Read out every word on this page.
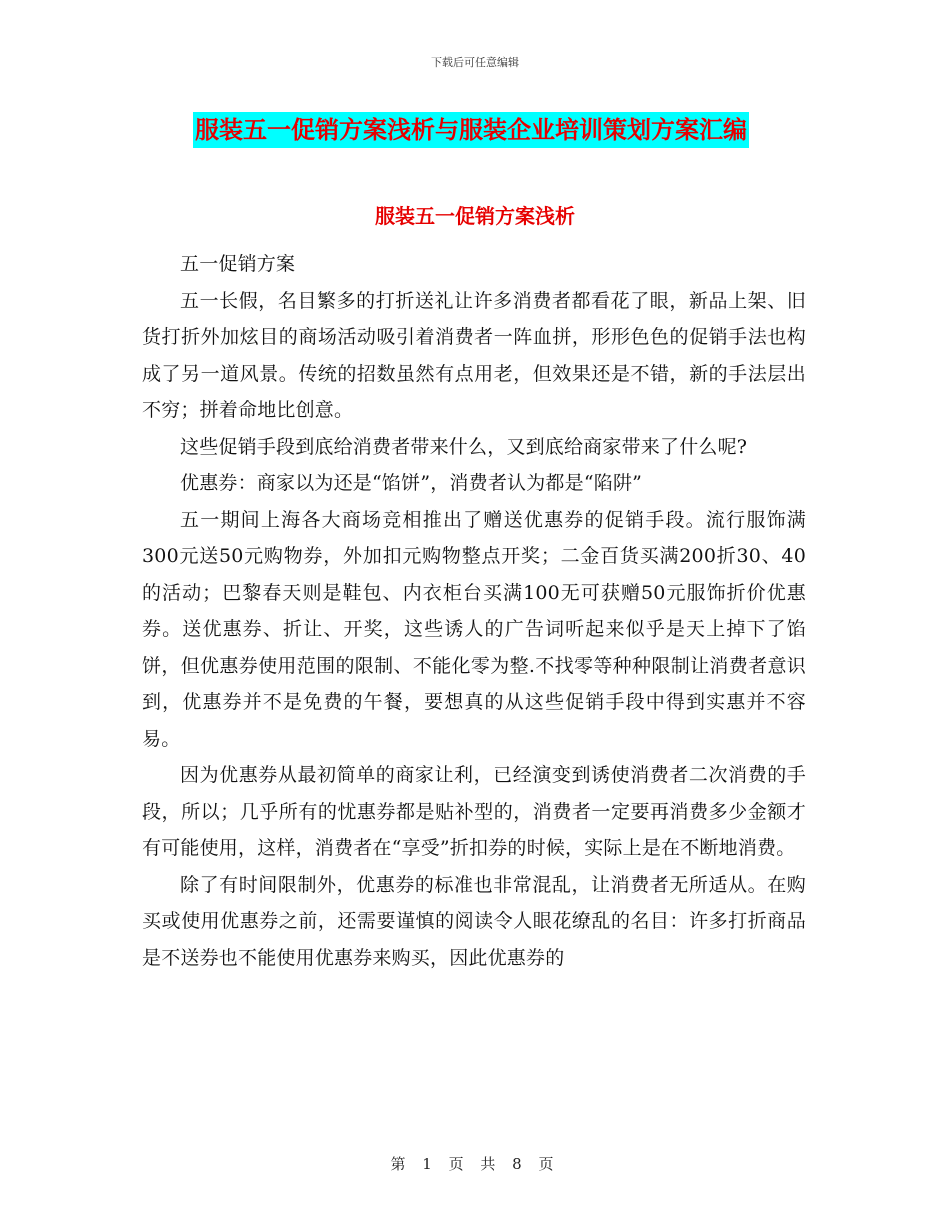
下载后可任意编辑
服装五一促销方案浅析与服装企业培训策划方案汇编
服装五一促销方案浅析

五一促销方案

五一长假，名目繁多的打折送礼让许多消费者都看花了眼，新品上架、旧货打折外加炫目的商场活动吸引着消费者一阵血拼，形形色色的促销手法也构成了另一道风景。传统的招数虽然有点用老，但效果还是不错，新的手法层出不穷；拼着命地比创意。

这些促销手段到底给消费者带来什么，又到底给商家带来了什么呢?

优惠券：商家以为还是“馅饼”，消费者认为都是“陷阱”

五一期间上海各大商场竞相推出了赠送优惠券的促销手段。流行服饰满300元送50元购物券，外加扣元购物整点开奖；二金百货买满200折30、40的活动；巴黎春天则是鞋包、内衣柜台买满100无可获赠50元服饰折价优惠券。送优惠券、折让、开奖，这些诱人的广告词听起来似乎是天上掉下了馅饼，但优惠券使用范围的限制、不能化零为整.不找零等种种限制让消费者意识到，优惠券并不是免费的午餐，要想真的从这些促销手段中得到实惠并不容易。

因为优惠券从最初简单的商家让利，已经演变到诱使消费者二次消费的手段，所以；几乎所有的忧惠券都是贴补型的，消费者一定要再消费多少金额才有可能使用，这样，消费者在“享受”折扣券的时候，实际上是在不断地消费。

除了有时间限制外，优惠券的标准也非常混乱，让消费者无所适从。在购买或使用优惠券之前，还需要谨慎的阅读令人眼花缭乱的名目：许多打折商品是不送券也不能使用优惠券来购买，因此优惠券的

第 1 页 共 8 页
